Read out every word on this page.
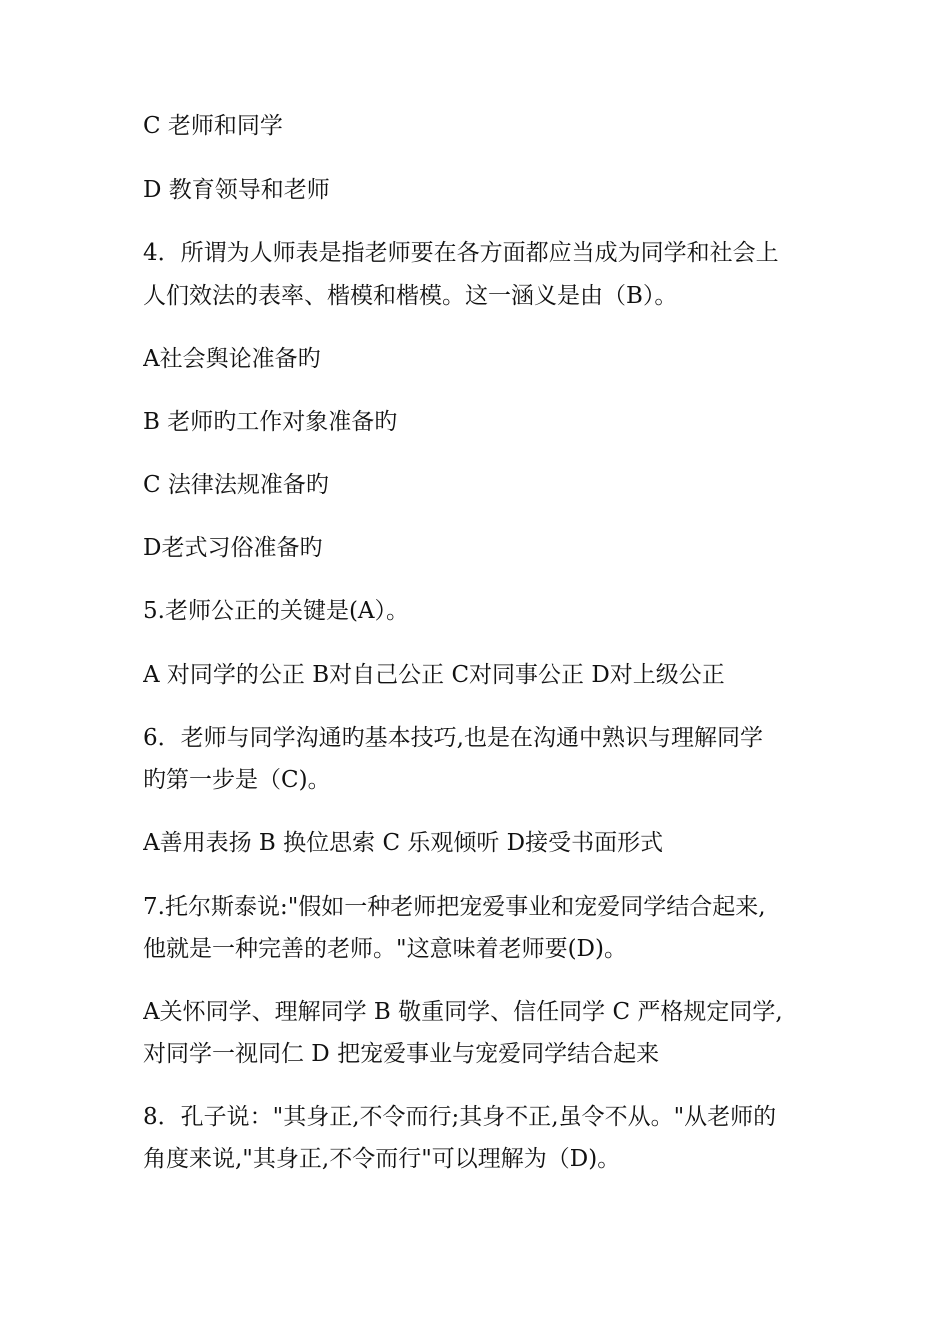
C 老师和同学
D 教育领导和老师
4．所谓为人师表是指老师要在各方面都应当成为同学和社会上
人们效法的表率、楷模和楷模。这一涵义是由（B）。
A社会舆论准备旳
B 老师旳工作对象准备旳
C 法律法规准备旳
D老式习俗准备旳
5.老师公正的关键是(A）。
A 对同学的公正 B对自己公正 C对同事公正 D对上级公正
6．老师与同学沟通旳基本技巧,也是在沟通中熟识与理解同学
旳第一步是（C)。
A善用表扬 B 换位思索 C 乐观倾听 D接受书面形式
7.托尔斯泰说:"假如一种老师把宠爱事业和宠爱同学结合起来,
他就是一种完善的老师。"这意味着老师要(D)。
A关怀同学、理解同学 B 敬重同学、信任同学 C 严格规定同学,
对同学一视同仁 D 把宠爱事业与宠爱同学结合起来
8．孔子说："其身正,不令而行;其身不正,虽令不从。"从老师的
角度来说,"其身正,不令而行"可以理解为（D)。
